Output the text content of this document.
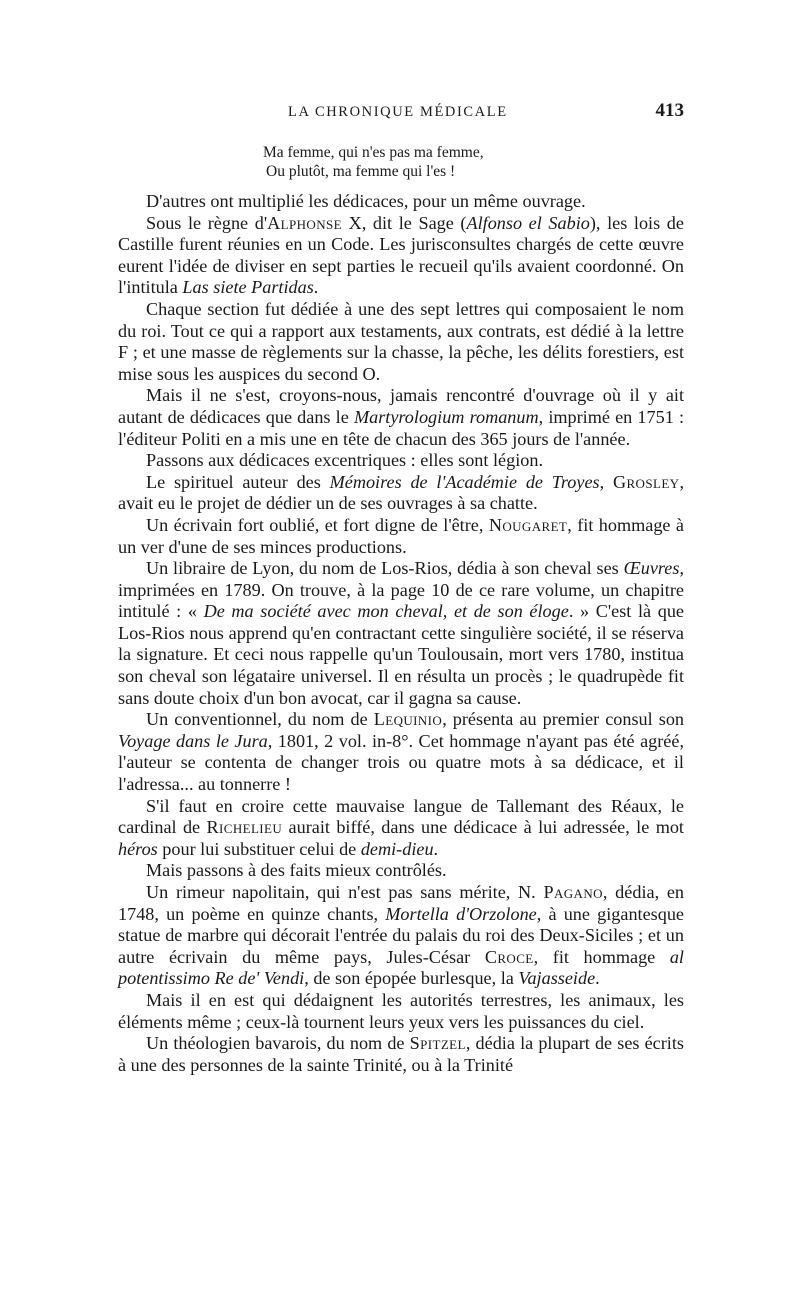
LA CHRONIQUE MÉDICALE	413
Ma femme, qui n'es pas ma femme,
Ou plutôt, ma femme qui l'es !

D'autres ont multiplié les dédicaces, pour un même ouvrage.

Sous le règne d'Alphonse X, dit le Sage (Alfonso el Sabio), les lois de Castille furent réunies en un Code. Les jurisconsultes chargés de cette œuvre eurent l'idée de diviser en sept parties le recueil qu'ils avaient coordonné. On l'intitula Las siete Partidas.

Chaque section fut dédiée à une des sept lettres qui composaient le nom du roi. Tout ce qui a rapport aux testaments, aux contrats, est dédié à la lettre F ; et une masse de règlements sur la chasse, la pêche, les délits forestiers, est mise sous les auspices du second O.

Mais il ne s'est, croyons-nous, jamais rencontré d'ouvrage où il y ait autant de dédicaces que dans le Martyrologium romanum, imprimé en 1751 : l'éditeur Politi en a mis une en tête de chacun des 365 jours de l'année.

Passons aux dédicaces excentriques : elles sont légion.

Le spirituel auteur des Mémoires de l'Académie de Troyes, Grosley, avait eu le projet de dédier un de ses ouvrages à sa chatte.

Un écrivain fort oublié, et fort digne de l'être, Nougaret, fit hommage à un ver d'une de ses minces productions.

Un libraire de Lyon, du nom de Los-Rios, dédia à son cheval ses Œuvres, imprimées en 1789. On trouve, à la page 10 de ce rare volume, un chapitre intitulé : « De ma société avec mon cheval, et de son éloge. » C'est là que Los-Rios nous apprend qu'en contractant cette singulière société, il se réserva la signature. Et ceci nous rappelle qu'un Toulousain, mort vers 1780, institua son cheval son légataire universel. Il en résulta un procès ; le quadrupède fit sans doute choix d'un bon avocat, car il gagna sa cause.

Un conventionnel, du nom de Lequinio, présenta au premier consul son Voyage dans le Jura, 1801, 2 vol. in-8°. Cet hommage n'ayant pas été agréé, l'auteur se contenta de changer trois ou quatre mots à sa dédicace, et il l'adressa... au tonnerre !

S'il faut en croire cette mauvaise langue de Tallemant des Réaux, le cardinal de Richelieu aurait biffé, dans une dédicace à lui adressée, le mot héros pour lui substituer celui de demi-dieu.

Mais passons à des faits mieux contrôlés.

Un rimeur napolitain, qui n'est pas sans mérite, N. Pagano, dédia, en 1748, un poème en quinze chants, Mortella d'Orzolone, à une gigantesque statue de marbre qui décorait l'entrée du palais du roi des Deux-Siciles ; et un autre écrivain du même pays, Jules-César Croce, fit hommage al potentissimo Re de' Vendi, de son épopée burlesque, la Vajasseide.

Mais il en est qui dédaignent les autorités terrestres, les animaux, les éléments même ; ceux-là tournent leurs yeux vers les puissances du ciel.

Un théologien bavarois, du nom de Spitzel, dédia la plupart de ses écrits à une des personnes de la sainte Trinité, ou à la Trinité
